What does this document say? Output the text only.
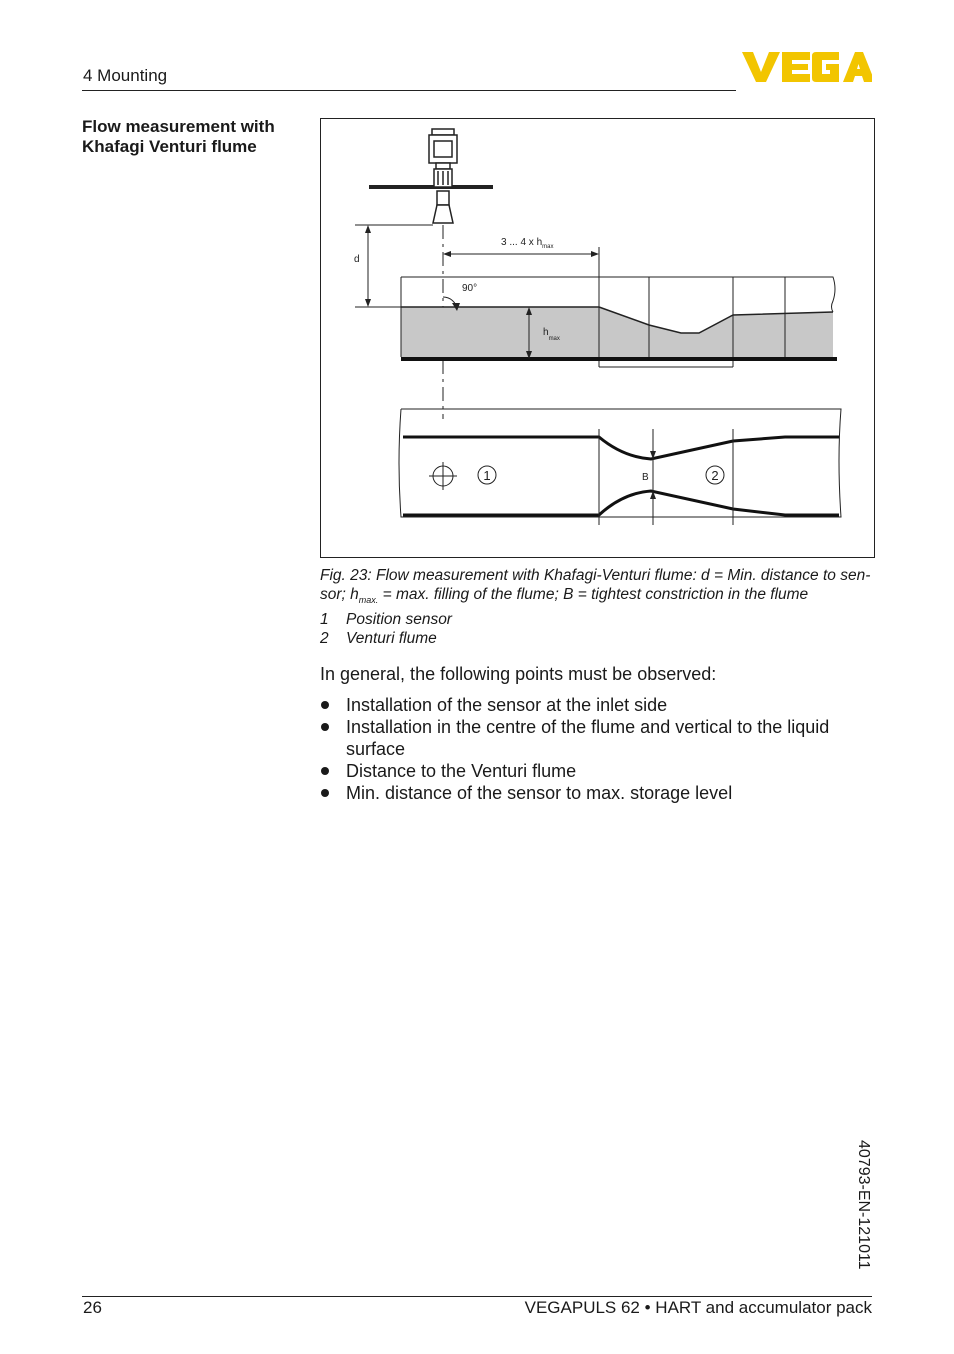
4 Mounting
Flow measurement with Khafagi Venturi flume
d
3 ... 4 x $h_{max}$
90°
$h_{max}$
B
1	2
Fig. 23: Flow measurement with Khafagi-Venturi flume: d = Min. distance to sen-sor; $h_{max.} = \max$. filling of the flume; B = tightest constriction in the flume
1	Position sensor
2	Venturi flume
In general, the following points must be observed:
Installation of the sensor at the inlet side
Installation in the centre of the flume and vertical to the liquid surface
Distance to the Venturi flume
Min. distance of the sensor to max. storage level
40793-EN-121011
26	VEGAPULS 62 • HART and accumulator pack
